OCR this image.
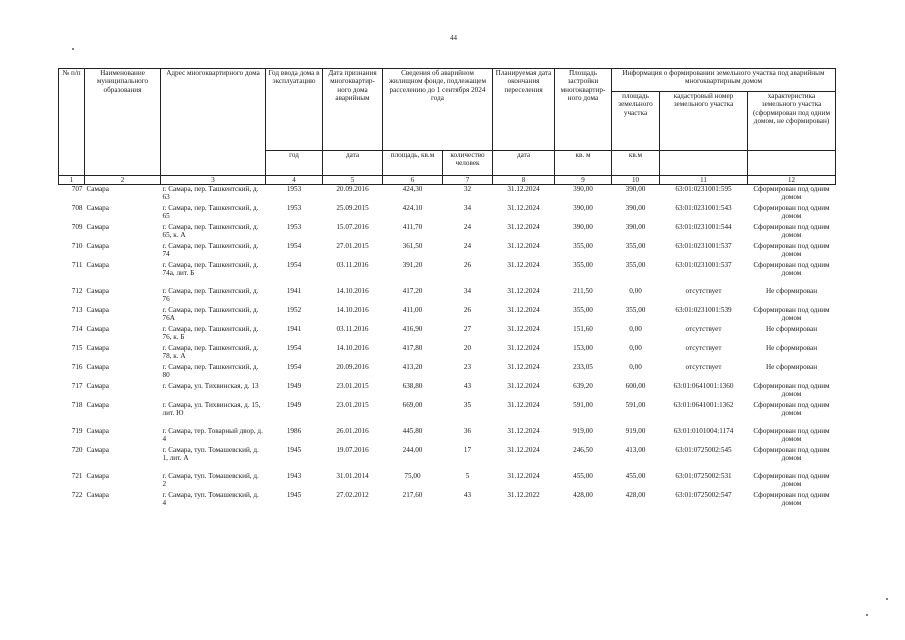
44
№ п/п	Наименование муниципального образования	Адрес многоквартирного дома	Год ввода дома в эксплуатацию	Дата признания многоквартир-ного дома аварийным	Сведения об аварийном жилищном фонде, подлежащем расселению до 1 сентября 2024 года		Планируемая дата окончания переселения	Площадь застройки многоквартир-ного дома	Информация о формировании земельного участка под аварийным многоквартирным домом		
									площадь земельного участка	кадастровый номер земельного участка	характеристика земельного участка (сформирован под одним домом, не сформирован)
			год	дата	площадь, кв.м	количество человек	дата	кв. м	кв.м		
1	2	3	4	5	6	7	8	9	10	11	12
707	Самара	г. Самара, пер. Ташкентский, д. 63	1953	20.09.2016	424,30	32	31.12.2024	390,00	390,00	63:01:0231001:595	Сформирован под одним домом
708	Самара	г. Самара, пер. Ташкентский, д. 65	1953	25.09.2015	424,10	34	31.12.2024	390,00	390,00	63:01:0231001:543	Сформирован под одним домом
709	Самара	г. Самара, пер. Ташкентский, д. 65, к. А	1953	15.07.2016	411,70	24	31.12.2024	390,00	390,00	63:01:0231001:544	Сформирован под одним домом
710	Самара	г. Самара, пер. Ташкентский, д. 74	1954	27.01.2015	361,50	24	31.12.2024	355,00	355,00	63:01:0231001:537	Сформирован под одним домом
711	Самара	г. Самара, пер. Ташкентский, д. 74а, лит. Б	1954	03.11.2016	391,20	26	31.12.2024	355,00	355,00	63:01:0231001:537	Сформирован под одним домом
712	Самара	г. Самара, пер. Ташкентский, д. 76	1941	14.10.2016	417,20	34	31.12.2024	211,50	0,00	отсутствует	Не сформирован
713	Самара	г. Самара, пер. Ташкентский, д. 76А	1952	14.10.2016	411,00	26	31.12.2024	355,00	355,00	63:01:0231001:539	Сформирован под одним домом
714	Самара	г. Самара, пер. Ташкентский, д. 76, к. Б	1941	03.11.2016	416,90	27	31.12.2024	151,60	0,00	отсутствует	Не сформирован
715	Самара	г. Самара, пер. Ташкентский, д. 78, к. А	1954	14.10.2016	417,80	20	31.12.2024	153,00	0,00	отсутствует	Не сформирован
716	Самара	г. Самара, пер. Ташкентский, д. 80	1954	20.09.2016	413,20	23	31.12.2024	233,05	0,00	отсутствует	Не сформирован
717	Самара	г. Самара, ул. Тихвинская, д. 13	1949	23.01.2015	638,80	43	31.12.2024	639,20	600,00	63:01:0641001:1360	Сформирован под одним домом
718	Самара	г. Самара, ул. Тихвинская, д. 15, лит. Ю	1949	23.01.2015	669,00	35	31.12.2024	591,00	591,00	63:01:0641001:1362	Сформирован под одним домом
719	Самара	г. Самара, тер. Товарный двор, д. 4	1986	26.01.2016	445,80	36	31.12.2024	919,00	919,00	63:01:0101004:1174	Сформирован под одним домом
720	Самара	г. Самара, туп. Томашевский, д. 1, лит. А	1945	19.07.2016	244,00	17	31.12.2024	246,50	413,00	63:01:0725002:545	Сформирован под одним домом
721	Самара	г. Самара, туп. Томашевский, д. 2	1943	31.01.2014	75,00	5	31.12.2024	455,00	455,00	63:01:0725002:531	Сформирован под одним домом
722	Самара	г. Самара, туп. Томашевский, д. 4	1945	27.02.2012	217,60	43	31.12.2022	428,00	428,00	63:01:0725002:547	Сформирован под одним домом
